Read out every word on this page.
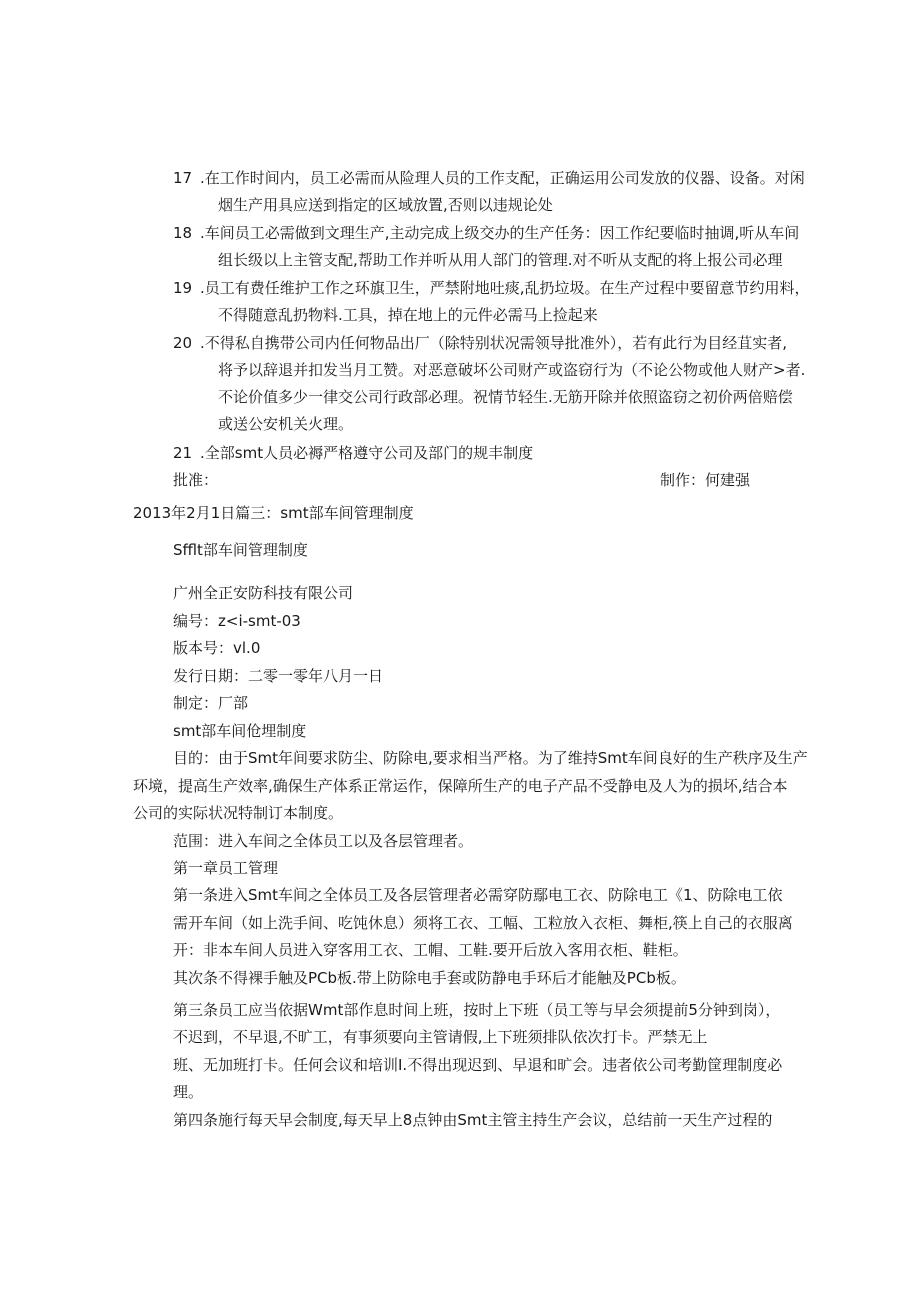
17 .在工作时间内，员工必需而从险理人员的工作支配，正确运用公司发放的仪器、设备。对闲
烟生产用具应送到指定的区域放置,否则以违规论处
18 .车间员工必需做到文理生产,主动完成上级交办的生产任务：因工作纪要临时抽调,听从车间
组长级以上主管支配,帮助工作并听从用人部门的管理.对不听从支配的将上报公司必理
19 .员工有费任维护工作之环旗卫生，严禁附地吐痰,乱扔垃圾。在生产过程中要留意节约用料，
不得随意乱扔物料.工具，掉在地上的元件必需马上捡起来
20 .不得私自携带公司内任何物品出厂（除特别状况需领导批准外），若有此行为目经苴实者,
将予以辞退并扣发当月工赞。对恶意破坏公司财产或盗窃行为（不论公物或他人财产>者.
不论价值多少一律交公司行政部必理。祝情节轻生.无筋开除并依照盗窃之初价两倍赔偿
或送公安机关火理。
21 .全部smt人员必褥严格遵守公司及部门的规丰制度
批准：	制作：何建强
2013年2月1日篇三：smt部车间管理制度
Sfflt部车间管理制度
广州全正安防科技有限公司
编号：z<i-smt-03
版本号：vl.0
发行日期：二零一零年八月一日
制定：厂部
smt部车间伧埋制度
目的：由于Smt年间要求防尘、防除电,要求相当严格。为了维持Smt车间良好的生产秩序及生产
环境，提高生产效率,确保生产体系正常运作，保障所生产的电子产品不受静电及人为的损坏,结合本
公司的实际状况特制订本制度。
范围：进入车间之全体员工以及各层管理者。
第一章员工管理
第一条进入Smt车间之全体员工及各层管理者必需穿防鄢电工衣、防除电工《1、防除电工依
需开车间（如上洗手间、吃饨休息）须将工衣、工幅、工粒放入衣柜、舞柜,筷上自己的衣服离
开：非本车间人员进入穿客用工衣、工帽、工鞋.要开后放入客用衣柜、鞋柜。
其次条不得裸手触及PCb板.带上防除电手套或防静电手环后才能触及PCb板。
第三条员工应当依据Wmt部作息时间上班，按时上下班（员工等与早会须提前5分钟到岗），
不迟到，不早退,不旷工，有事须要向主管请假,上下班须排队依次打卡。严禁无上
班、无加班打卡。任何会议和培训I.不得出现迟到、早退和旷会。违者依公司考勤筐理制度必
理。
第四条施行每天早会制度,每天早上8点钟由Smt主管主持生产会议，总结前一天生产过程的
